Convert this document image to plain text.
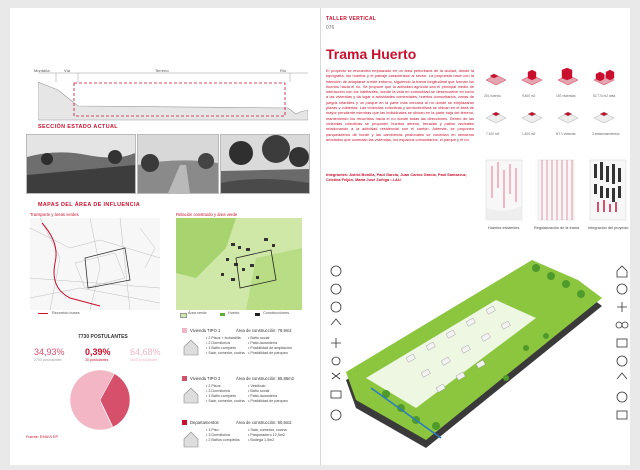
Montaña	Vía	Terreno	Río
SECCIÓN ESTADO ACTUAL
MAPAS DEL ÁREA DE INFLUENCIA
Transporte y áreas verdes	Relación construido y área verde
Recorrido buses	Área verde	Huerto	Construcciones
7730 POSTULANTES
34,93%
2700 postulantes
0,39%
30 postulantes
64,68%
5000 postulantes
Fuente: EMUVI EP
Vivienda TIPO 1	Área de construcción: 78,9m2
• 2 Pisos + buhardilla
• 2 Dormitorios
• 1 Baño completo
• Sala, comedor, cocina
• Baño social
• Patio-lavandería
• Posibilidad de ampliación
• Posibilidad de parqueo
Vivienda TIPO 2	Área de construcción: 85,86m2
• 2 Pisos
• 3 Dormitorios
• 1 Baño completo
• Sala, comedor, cocina
• Vestíbulo
• Baño social
• Patio-lavandería
• Posibilidad de parqueo
Departamentos	Área de construcción: 60,5m2
• 1 Piso
• 3 Dormitorios
• 2 Baños completos
• Sala, comedor, cocina
• Parqueadero 12,5m2
• Bodega 1,5m2
TALLER VERTICAL
076
Trama Huerto

El proyecto se encuentra emplazado en un área periurbana de la ciudad, donde la topografía, los huertos y el paisaje caracterizan al sector. La propuesta nace con la intención de adaptarse a este entorno, siguiendo la trama longitudinal que forman los huertos hacia el río. Se propone que la actividad agrícola sea el principal medio de interacción con los habitantes, donde la vida en comunidad se desenvuelve en torno a las viviendas y da lugar a actividades comerciales, huertos comunitarios, zonas de juegos infantiles y un parque en la parte más cercana al río donde se emplazarán plazas y cubiertas. Las viviendas colectivas y semicolectivas se ubican en el área de mayor pendiente mientras que las individuales se ubican en la parte baja del terreno, manteniendo los recorridos hacia el río donde todas las direcciones. Dentro de las viviendas colectivas se proponen huertos aéreos, terrazas y patios vecinales relacionando a la actividad residencial con el cantón. Además, se proponen parqueaderos de borde y las caminerías peatonales se conectan en senderos arbolados que conectan las viviendas, los espacios comunitarios, el parque y el río.

Integrantes: Astrid Bonilla, Paúl García, Juan Carlos Garcia, Paúl Santacruz, Cristina Feijón, María José Zuñiga • LAU.

201 huertos	9.400 m2	192 viviendas	52.774 m2 área
7.100 m2	1.400 m2	NT 1 vivienda	3 estacionamientos
Huertos existentes	Regularización de la trama Integración del proyecto
